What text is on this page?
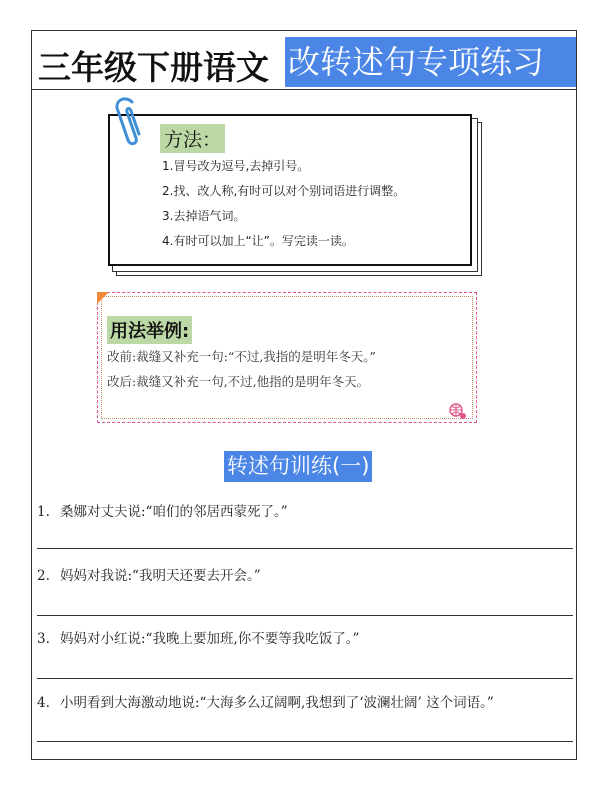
三年级下册语文 改转述句专项练习
方法：
1.冒号改为逗号,去掉引号。
2.找、改人称,有时可以对个别词语进行调整。
3.去掉语气词。
4.有时可以加上“让”。写完读一读。
用法举例:
改前:裁缝又补充一句:“不过,我指的是明年冬天。”
改后:裁缝又补充一句,不过,他指的是明年冬天。
转述句训练(一)
1. 桑娜对丈夫说:“咱们的邻居西蒙死了。”
2. 妈妈对我说:“我明天还要去开会。”
3. 妈妈对小红说:“我晚上要加班,你不要等我吃饭了。”
4. 小明看到大海激动地说:“大海多么辽阔啊,我想到了‘波澜壮阔’ 这个词语。”
